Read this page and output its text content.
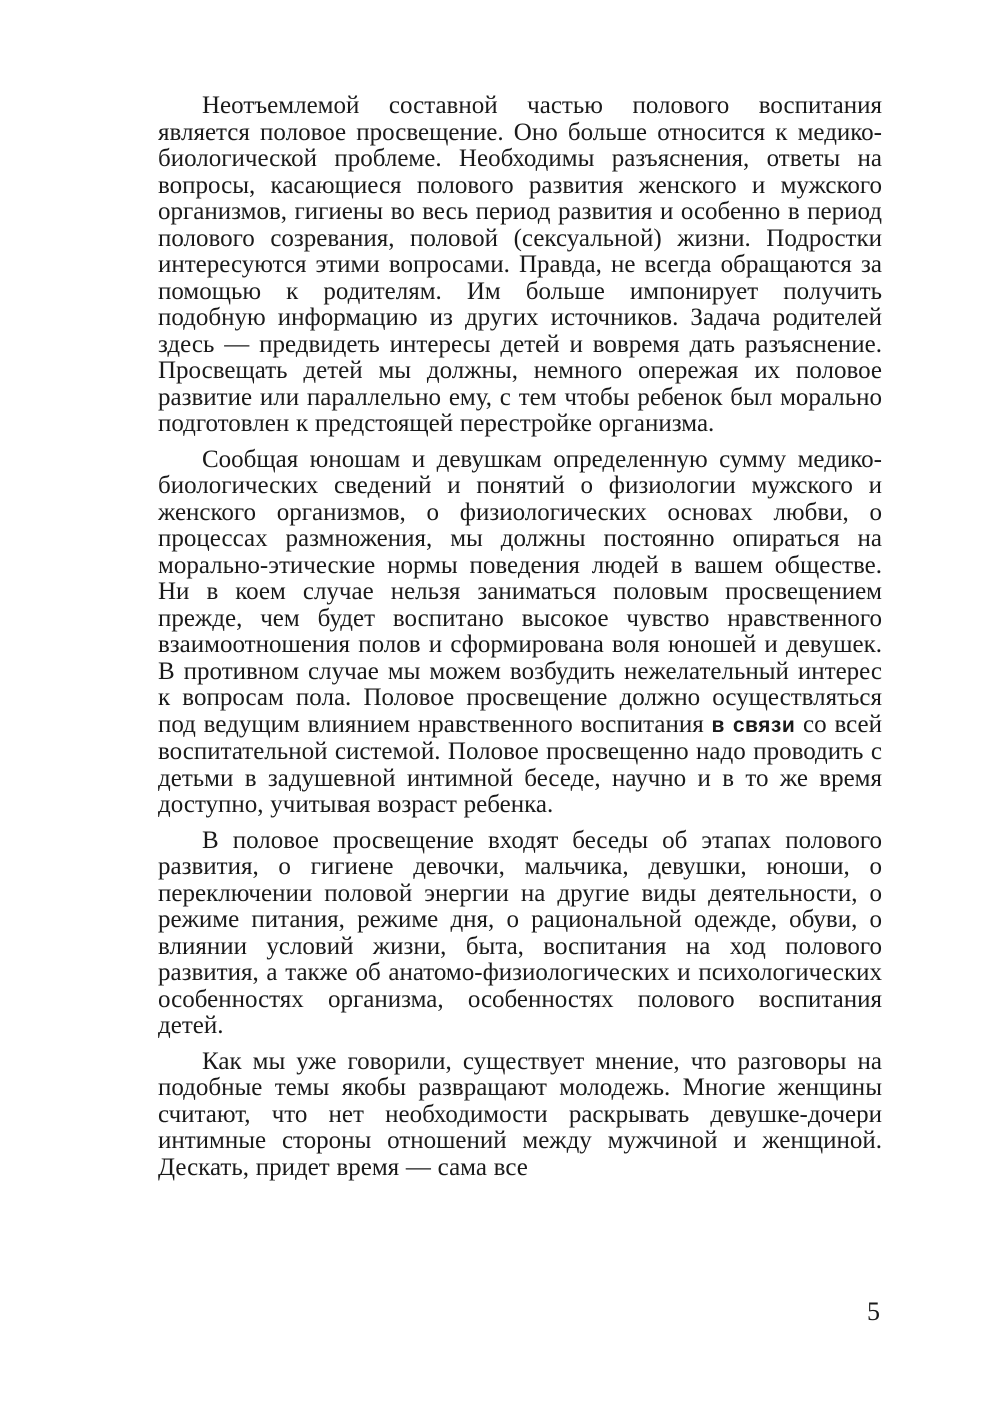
Неотъемлемой составной частью полового воспитания является половое просвещение. Оно больше относится к медико-биологической проблеме. Необходимы разъяснения, ответы на вопросы, касающиеся полового развития женского и мужского организмов, гигиены во весь период развития и особенно в период полового созревания, половой (сексуальной) жизни. Подростки интересуются этими вопросами. Правда, не всегда обращаются за помощью к родителям. Им больше импонирует получить подобную информацию из других источников. Задача родителей здесь — предвидеть интересы детей и вовремя дать разъяснение. Просвещать детей мы должны, немного опережая их половое развитие или параллельно ему, с тем чтобы ребенок был морально подготовлен к предстоящей перестройке организма.

Сообщая юношам и девушкам определенную сумму медико-биологических сведений и понятий о физиологии мужского и женского организмов, о физиологических основах любви, о процессах размножения, мы должны постоянно опираться на морально-этические нормы поведения людей в вашем обществе. Ни в коем случае нельзя заниматься половым просвещением прежде, чем будет воспитано высокое чувство нравственного взаимоотношения полов и сформирована воля юношей и девушек. В противном случае мы можем возбудить нежелательный интерес к вопросам пола. Половое просвещение должно осуществляться под ведущим влиянием нравственного воспитания в связи со всей воспитательной системой. Половое просвещенно надо проводить с детьми в задушевной интимной беседе, научно и в то же время доступно, учитывая возраст ребенка.

В половое просвещение входят беседы об этапах полового развития, о гигиене девочки, мальчика, девушки, юноши, о переключении половой энергии на другие виды деятельности, о режиме питания, режиме дня, о рациональной одежде, обуви, о влиянии условий жизни, быта, воспитания на ход полового развития, а также об анатомо-физиологических и психологических особенностях организма, особенностях полового воспитания детей.

Как мы уже говорили, существует мнение, что разговоры на подобные темы якобы развращают молодежь. Многие женщины считают, что нет необходимости раскрывать девушке-дочери интимные стороны отношений между мужчиной и женщиной. Дескать, придет время — сама все

5
